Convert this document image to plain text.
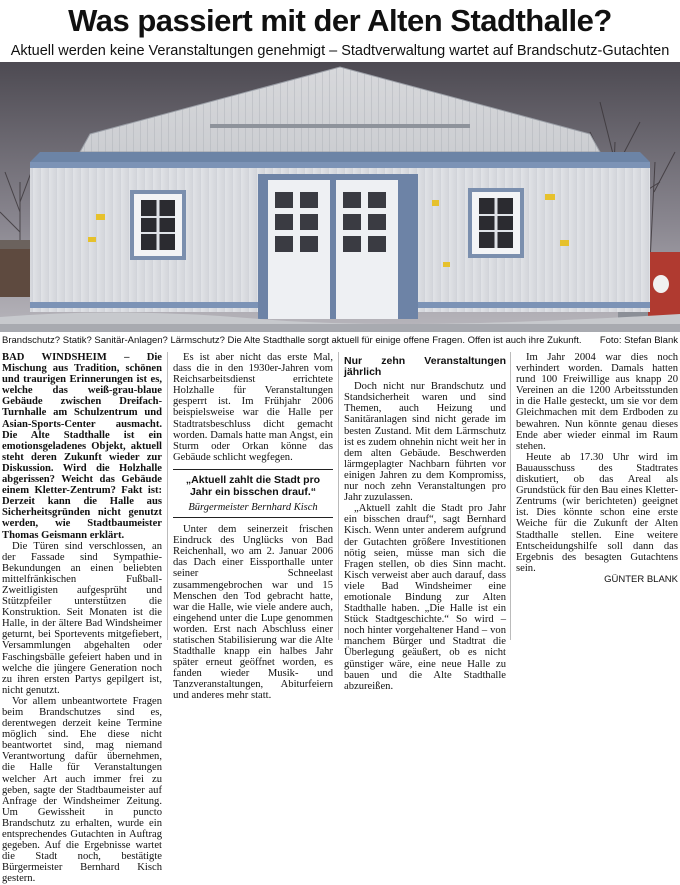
Was passiert mit der Alten Stadthalle?
Aktuell werden keine Veranstaltungen genehmigt – Stadtverwaltung wartet auf Brandschutz-Gutachten
Brandschutz? Statik? Sanitär-Anlagen? Lärmschutz? Die Alte Stadthalle sorgt aktuell für einige offene Fragen. Offen ist auch ihre Zukunft. Foto: Stefan Blank

BAD WINDSHEIM – Die Mischung aus Tradition, schönen und traurigen Erinnerungen ist es, welche das weiß-grau-blaue Gebäude zwischen Dreifach-Turnhalle am Schulzentrum und Asian-Sports-Center ausmacht. Die Alte Stadthalle ist ein emotionsgeladenes Objekt, aktuell steht deren Zukunft wieder zur Diskussion. Wird die Holzhalle abgerissen? Weicht das Gebäude einem Kletter-Zentrum? Fakt ist: Derzeit kann die Halle aus Sicherheitsgründen nicht genutzt werden, wie Stadtbaumeister Thomas Geismann erklärt.

Die Türen sind verschlossen, an der Fassade sind Sympathie-Bekundungen an einen beliebten mittelfränkischen Fußball-Zweitligisten aufgesprüht und Stützpfeiler unterstützen die Konstruktion. Seit Monaten ist die Halle, in der ältere Bad Windsheimer geturnt, bei Sportevents mitgefiebert, Versammlungen abgehalten oder Faschingsbälle gefeiert haben und in welche die jüngere Generation noch zu ihren ersten Partys gepilgert ist, nicht genutzt.

Vor allem unbeantwortete Fragen beim Brandschutzes sind es, derentwegen derzeit keine Termine möglich sind. Ehe diese nicht beantwortet sind, mag niemand Verantwortung dafür übernehmen, die Halle für Veranstaltungen welcher Art auch immer frei zu geben, sagte der Stadtbaumeister auf Anfrage der Windsheimer Zeitung. Um Gewissheit in puncto Brandschutz zu erhalten, wurde ein entsprechendes Gutachten in Auftrag gegeben. Auf die Ergebnisse wartet die Stadt noch, bestätigte Bürgermeister Bernhard Kisch gestern.

Es ist aber nicht das erste Mal, dass die in den 1930er-Jahren vom Reichsarbeitsdienst errichtete Holzhalle für Veranstaltungen gesperrt ist. Im Frühjahr 2006 beispielsweise war die Halle per Stadtratsbeschluss dicht gemacht worden. Damals hatte man Angst, ein Sturm oder Orkan könne das Gebäude schlicht wegfegen.

„Aktuell zahlt die Stadt pro Jahr ein bisschen drauf.“
Bürgermeister Bernhard Kisch

Unter dem seinerzeit frischen Eindruck des Unglücks von Bad Reichenhall, wo am 2. Januar 2006 das Dach einer Eissporthalle unter seiner Schneelast zusammengebrochen war und 15 Menschen den Tod gebracht hatte, war die Halle, wie viele andere auch, eingehend unter die Lupe genommen worden. Erst nach Abschluss einer statischen Stabilisierung war die Alte Stadthalle knapp ein halbes Jahr später erneut geöffnet worden, es fanden wieder Musik- und Tanzveranstaltungen, Abiturfeiern und anderes mehr statt.

Nur zehn Veranstaltungen jährlich

Doch nicht nur Brandschutz und Standsicherheit waren und sind Themen, auch Heizung und Sanitäranlagen sind nicht gerade im besten Zustand. Mit dem Lärmschutz ist es zudem ohnehin nicht weit her in dem alten Gebäude. Beschwerden lärmgeplagter Nachbarn führten vor einigen Jahren zu dem Kompromiss, nur noch zehn Veranstaltungen pro Jahr zuzulassen.

„Aktuell zahlt die Stadt pro Jahr ein bisschen drauf“, sagt Bernhard Kisch. Wenn unter anderem aufgrund der Gutachten größere Investitionen nötig seien, müsse man sich die Fragen stellen, ob dies Sinn macht. Kisch verweist aber auch darauf, dass viele Bad Windsheimer eine emotionale Bindung zur Alten Stadthalle haben. „Die Halle ist ein Stück Stadtgeschichte.“ So wird – noch hinter vorgehaltener Hand – von manchem Bürger und Stadtrat die Überlegung geäußert, ob es nicht günstiger wäre, eine neue Halle zu bauen und die Alte Stadthalle abzureißen.

Im Jahr 2004 war dies noch verhindert worden. Damals hatten rund 100 Freiwillige aus knapp 20 Vereinen an die 1200 Arbeitsstunden in die Halle gesteckt, um sie vor dem Gleichmachen mit dem Erdboden zu bewahren. Nun könnte genau dieses Ende aber wieder einmal im Raum stehen.

Heute ab 17.30 Uhr wird im Bauausschuss des Stadtrates diskutiert, ob das Areal als Grundstück für den Bau eines Kletter-Zentrums (wir berichteten) geeignet ist. Dies könnte schon eine erste Weiche für die Zukunft der Alten Stadthalle stellen. Eine weitere Entscheidungshilfe soll dann das Ergebnis des besagten Gutachtens sein.

GÜNTER BLANK
